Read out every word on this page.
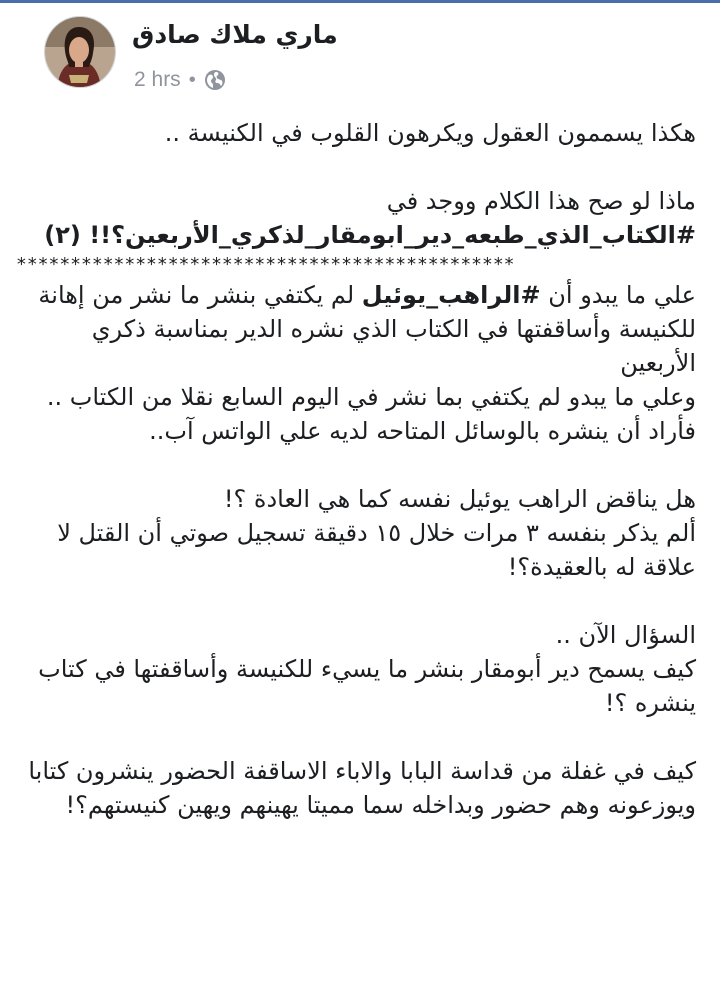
ماري ملاك صادق
2 hrs •

هكذا يسممون العقول ويكرهون القلوب في الكنيسة ..

ماذا لو صح هذا الكلام ووجد في

#الكتاب_الذي_طبعه_دير_ابومقار_لذكري_الأربعين؟!! (٢)

**********************************************

علي ما يبدو أن #الراهب_يوئيل لم يكتفي بنشر ما نشر من إهانة للكنيسة وأساقفتها في الكتاب الذي نشره الدير بمناسبة ذكري الأربعين

وعلي ما يبدو لم يكتفي بما نشر في اليوم السابع نقلا من الكتاب .. فأراد أن ينشره بالوسائل المتاحه لديه علي الواتس آب..

هل يناقض الراهب يوئيل نفسه كما هي العادة ؟!

ألم يذكر بنفسه ٣ مرات خلال ١٥ دقيقة تسجيل صوتي أن القتل لا علاقة له بالعقيدة؟!

السؤال الآن ..

كيف يسمح دير أبومقار بنشر ما يسيء للكنيسة وأساقفتها في كتاب ينشره ؟!

كيف في غفلة من قداسة البابا والاباء الاساقفة الحضور ينشرون كتابا ويوزعونه وهم حضور وبداخله سما مميتا يهينهم ويهين كنيستهم؟!
